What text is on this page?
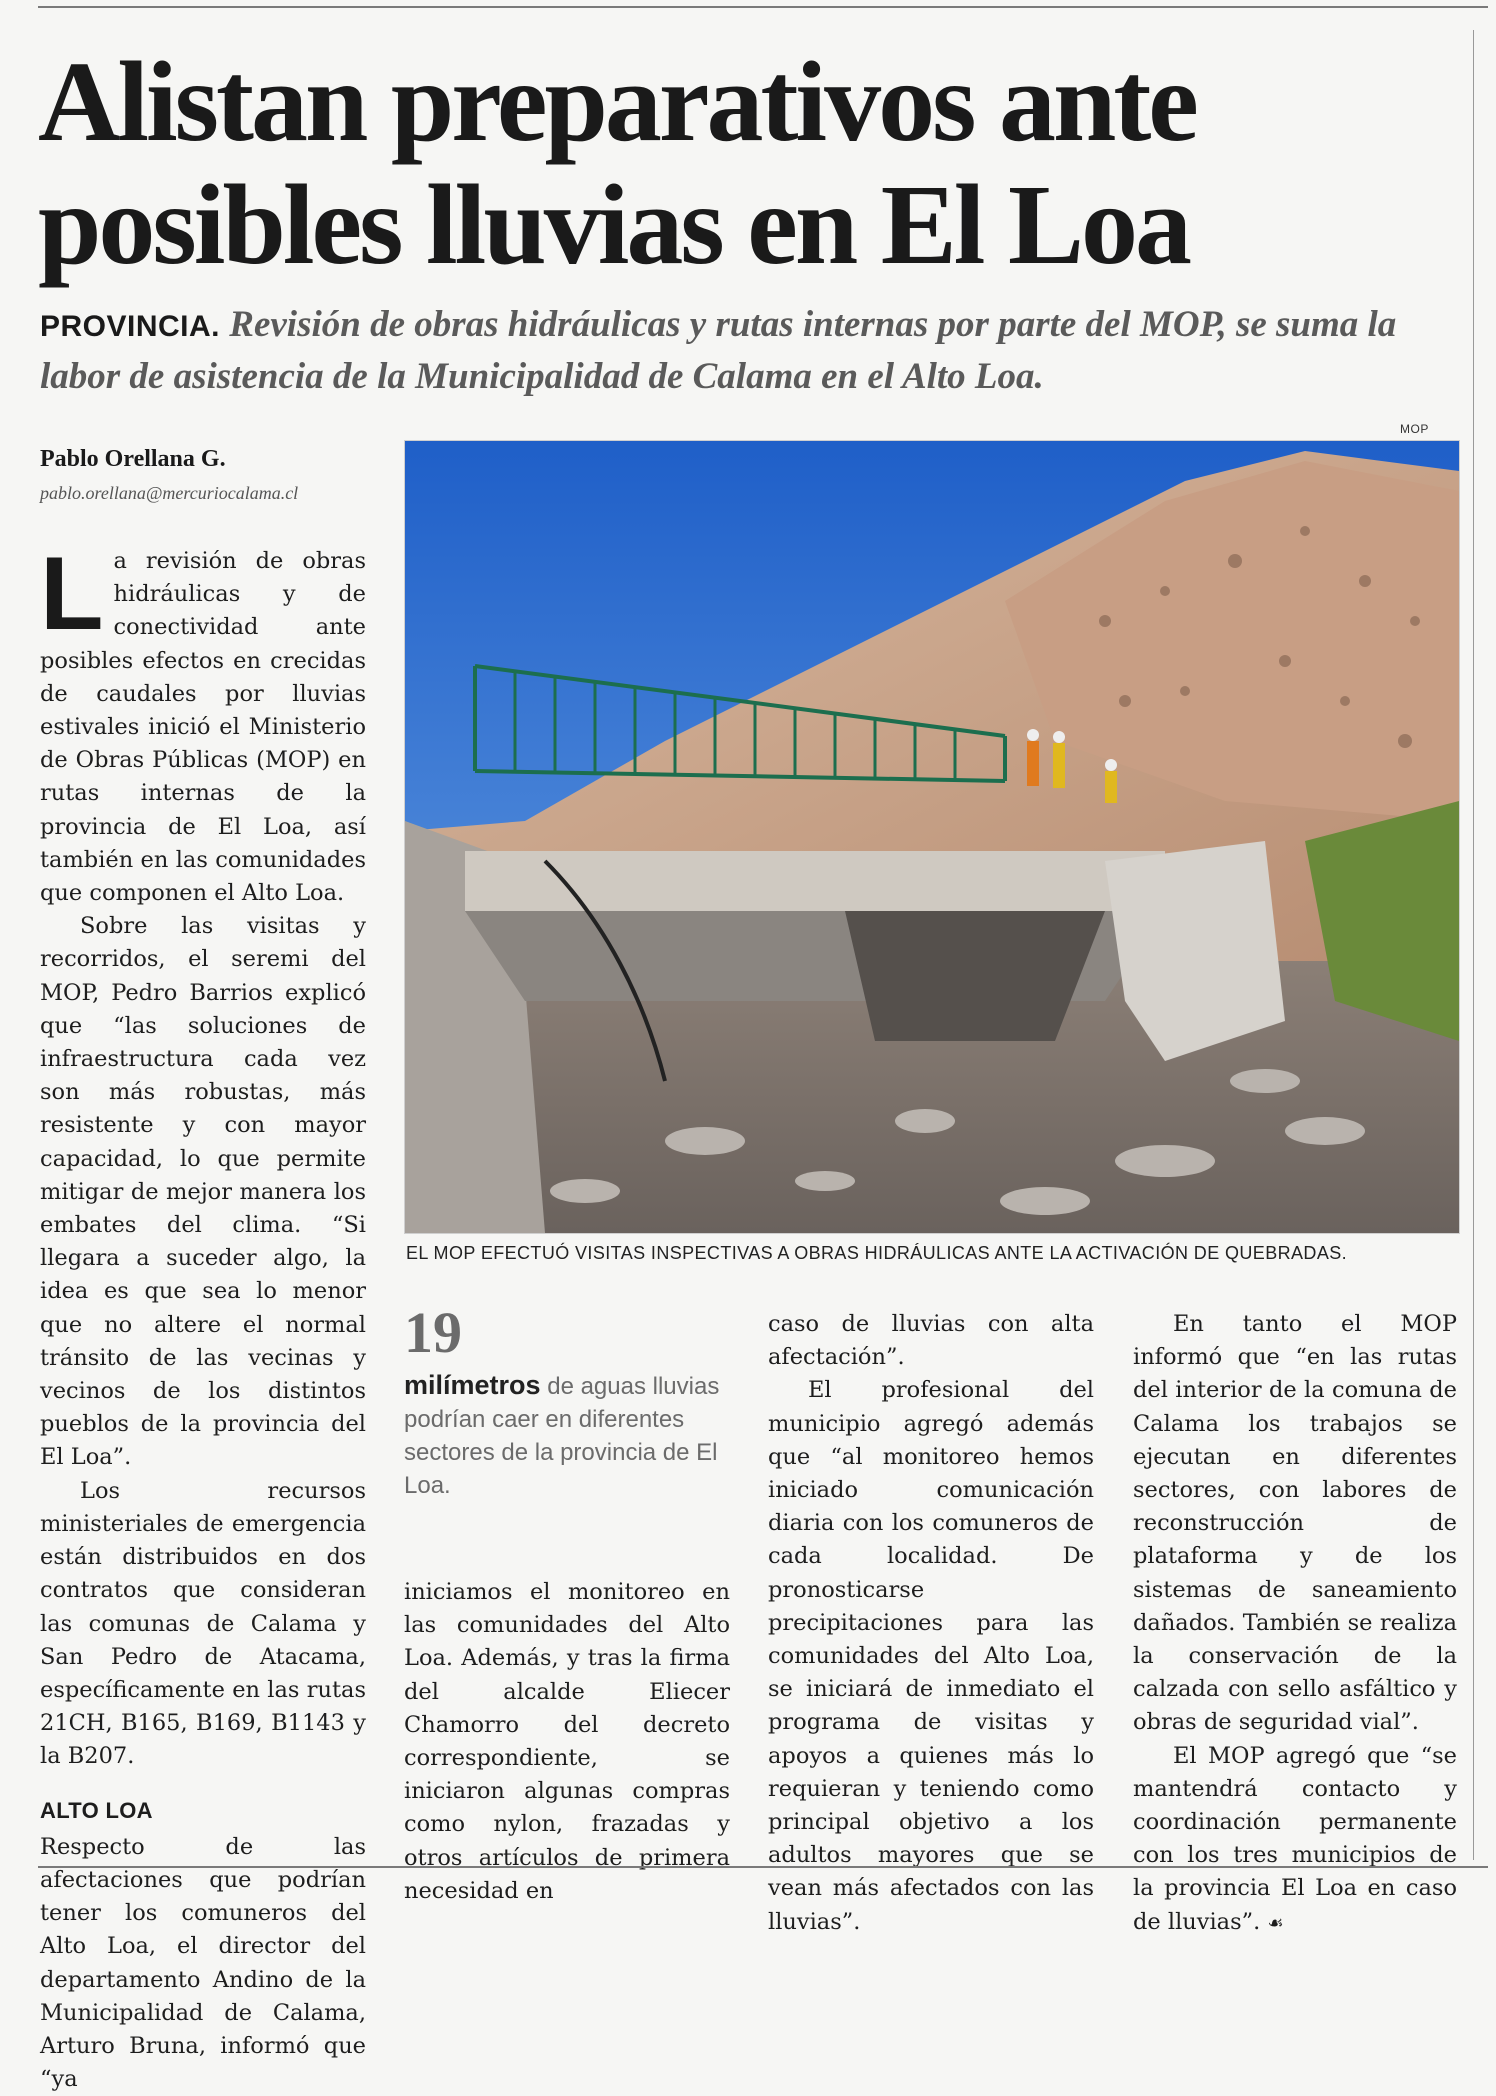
Alistan preparativos ante
posibles lluvias en El Loa
PROVINCIA. Revisión de obras hidráulicas y rutas internas por parte del MOP, se suma la labor de asistencia de la Municipalidad de Calama en el Alto Loa.
Pablo Orellana G.
pablo.orellana@mercuriocalama.cl
L a revisión de obras hidráulicas y de conectividad ante posibles efectos en crecidas de caudales por lluvias estivales inició el Ministerio de Obras Públicas (MOP) en rutas internas de la provincia de El Loa, así también en las comunidades que componen el Alto Loa.

Sobre las visitas y recorridos, el seremi del MOP, Pedro Barrios explicó que “las soluciones de infraestructura cada vez son más robustas, más resistente y con mayor capacidad, lo que permite mitigar de mejor manera los embates del clima. “Si llegara a suceder algo, la idea es que sea lo menor que no altere el normal tránsito de las vecinas y vecinos de los distintos pueblos de la provincia del El Loa”.

Los recursos ministeriales de emergencia están distribuidos en dos contratos que consideran las comunas de Calama y San Pedro de Atacama, específicamente en las rutas 21CH, B165, B169, B1143 y la B207.

ALTO LOA

Respecto de las afectaciones que podrían tener los comuneros del Alto Loa, el director del departamento Andino de la Municipalidad de Calama, Arturo Bruna, informó que “ya

MOP
EL MOP EFECTUÓ VISITAS INSPECTIVAS A OBRAS HIDRÁULICAS ANTE LA ACTIVACIÓN DE QUEBRADAS.
19
milímetros de aguas lluvias podrían caer en diferentes sectores de la provincia de El Loa.

iniciamos el monitoreo en las comunidades del Alto Loa. Además, y tras la firma del alcalde Eliecer Chamorro del decreto correspondiente, se iniciaron algunas compras como nylon, frazadas y otros artículos de primera necesidad en

caso de lluvias con alta afectación”.

El profesional del municipio agregó además que “al monitoreo hemos iniciado comunicación diaria con los comuneros de cada localidad. De pronosticarse precipitaciones para las comunidades del Alto Loa, se iniciará de inmediato el programa de visitas y apoyos a quienes más lo requieran y teniendo como principal objetivo a los adultos mayores que se vean más afectados con las lluvias”.

En tanto el MOP informó que “en las rutas del interior de la comuna de Calama los trabajos se ejecutan en diferentes sectores, con labores de reconstrucción de plataforma y de los sistemas de saneamiento dañados. También se realiza la conservación de la calzada con sello asfáltico y obras de seguridad vial”.

El MOP agregó que “se mantendrá contacto y coordinación permanente con los tres municipios de la provincia El Loa en caso de lluvias”. ☙
